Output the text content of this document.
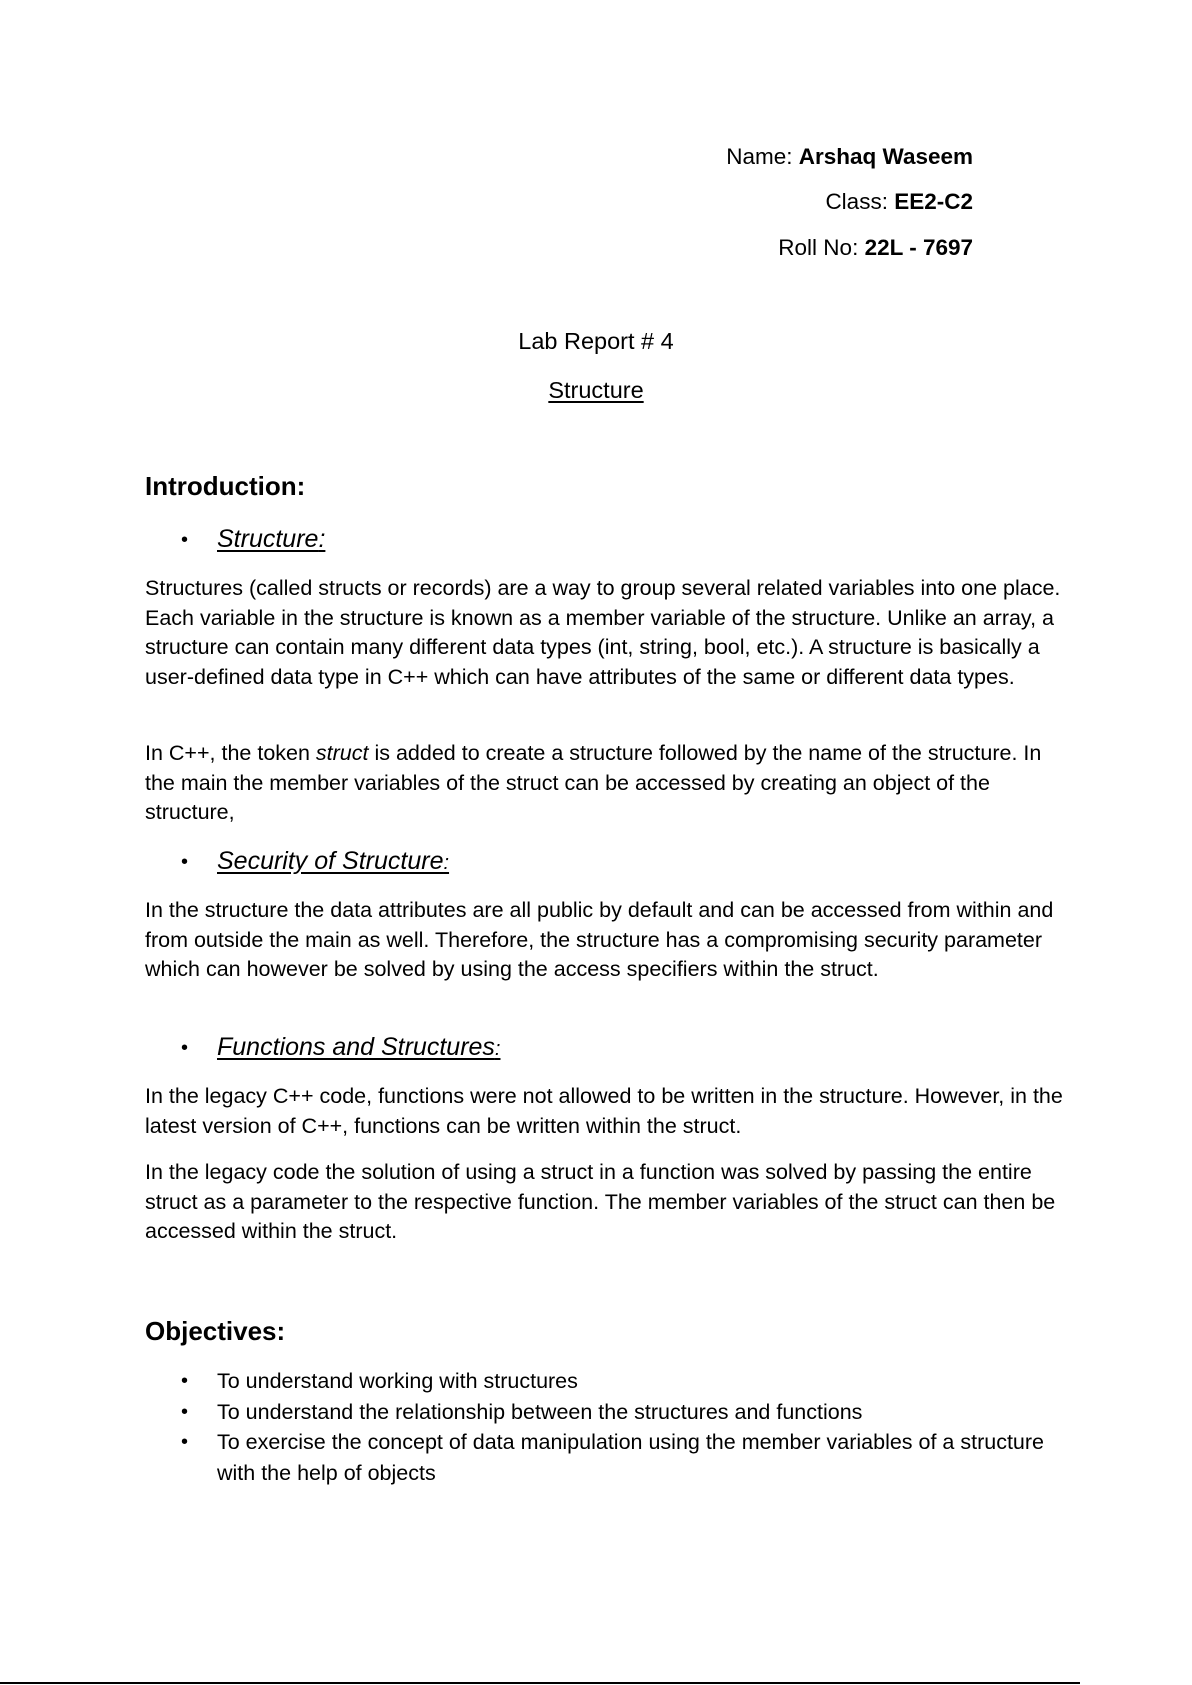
Name: Arshaq Waseem
Class: EE2-C2
Roll No: 22L - 7697
Lab Report # 4
Structure
Introduction:
• Structure:

Structures (called structs or records) are a way to group several related variables into one place. Each variable in the structure is known as a member variable of the structure. Unlike an array, a structure can contain many different data types (int, string, bool, etc.). A structure is basically a user-defined data type in C++ which can have attributes of the same or different data types.

In C++, the token struct is added to create a structure followed by the name of the structure. In the main the member variables of the struct can be accessed by creating an object of the structure,

• Security of Structure:

In the structure the data attributes are all public by default and can be accessed from within and from outside the main as well. Therefore, the structure has a compromising security parameter which can however be solved by using the access specifiers within the struct.

• Functions and Structures:

In the legacy C++ code, functions were not allowed to be written in the structure. However, in the latest version of C++, functions can be written within the struct.

In the legacy code the solution of using a struct in a function was solved by passing the entire struct as a parameter to the respective function. The member variables of the struct can then be accessed within the struct.

Objectives:
• To understand working with structures
• To understand the relationship between the structures and functions
• To exercise the concept of data manipulation using the member variables of a structure with the help of objects
